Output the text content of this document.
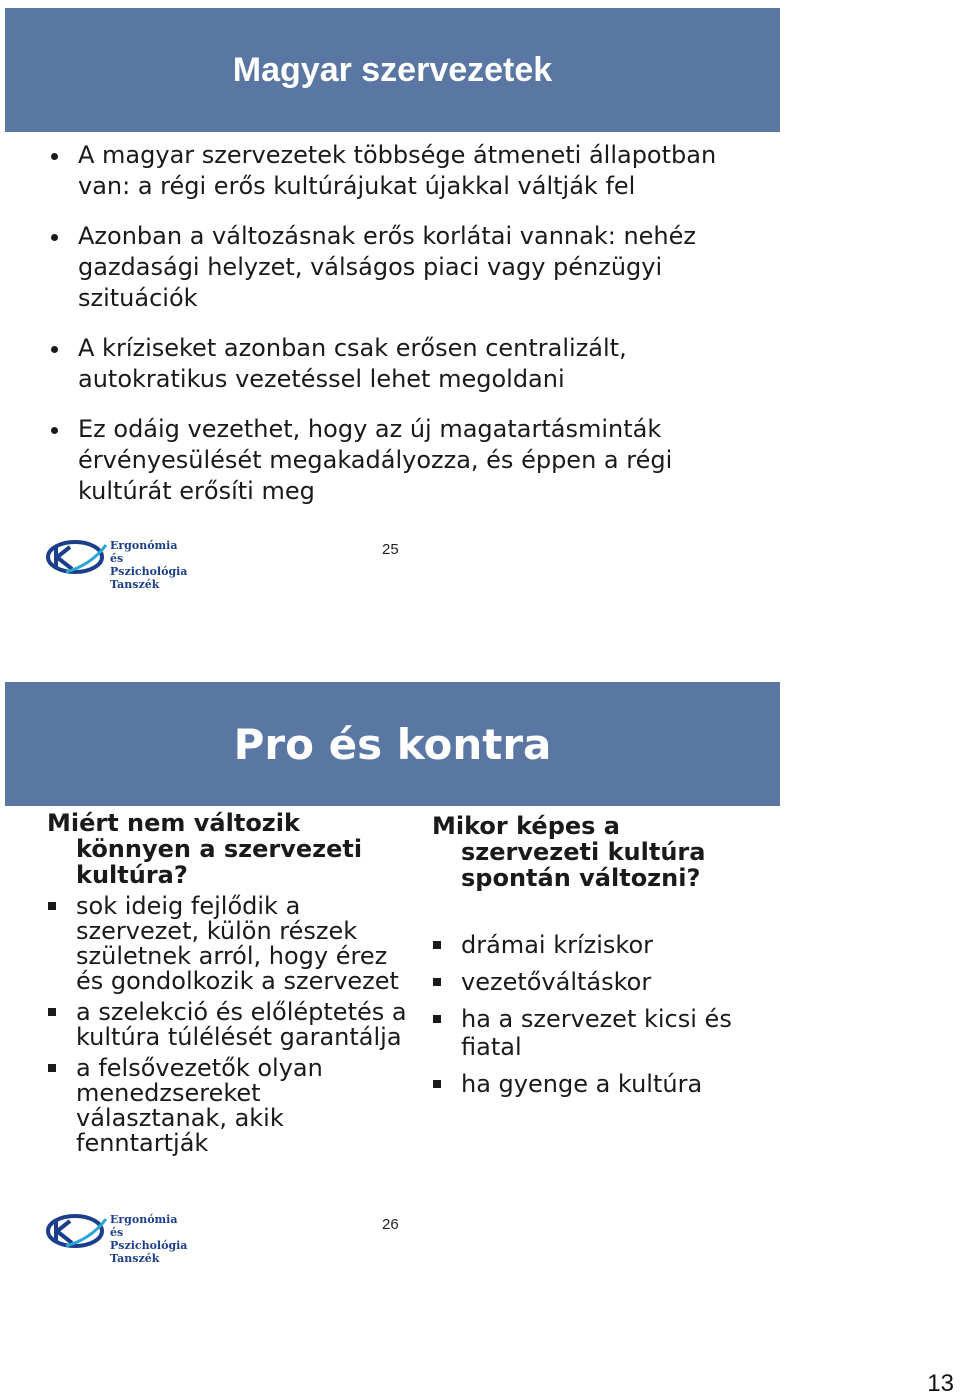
Magyar szervezetek
A magyar szervezetek többsége átmeneti állapotban van: a régi erős kultúrájukat újakkal váltják fel
Azonban a változásnak erős korlátai vannak: nehéz gazdasági helyzet, válságos piaci vagy pénzügyi szituációk
A kríziseket azonban csak erősen centralizált, autokratikus vezetéssel lehet megoldani
Ez odáig vezethet, hogy az új magatartásminták érvényesülését megakadályozza, és éppen a régi kultúrát erősíti meg
Ergonómia és
Pszichológia
Tanszék
25
Pro és kontra
Miért nem változik könnyen a szervezeti kultúra?
sok ideig fejlődik a szervezet, külön részek születnek arról, hogy érez és gondolkozik a szervezet
a szelekció és előléptetés a kultúra túlélését garantálja
a felsővezetők olyan menedzsereket választanak, akik fenntartják
Mikor képes a szervezeti kultúra spontán változni?
drámai kríziskor
vezetőváltáskor
ha a szervezet kicsi és fiatal
ha gyenge a kultúra
Ergonómia és
Pszichológia
Tanszék
26
13
